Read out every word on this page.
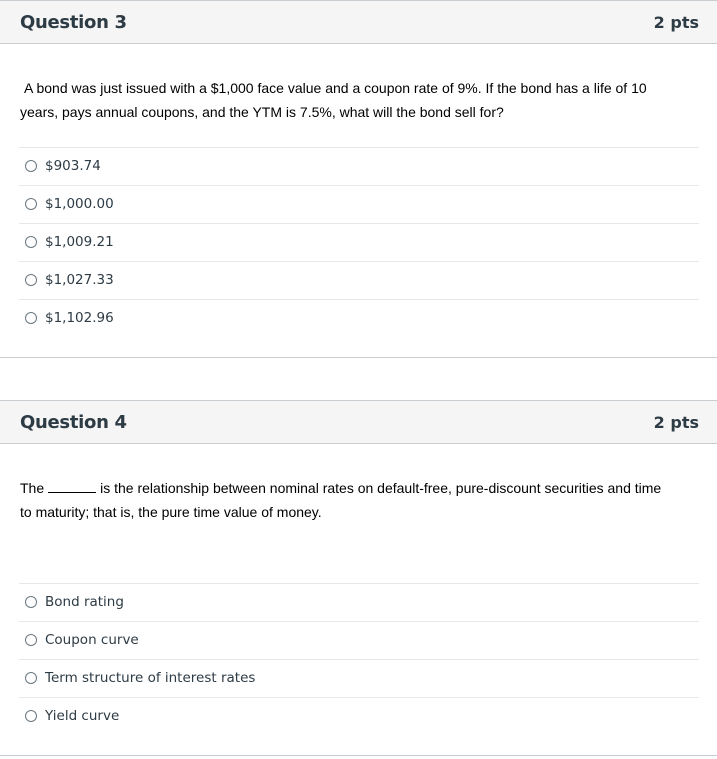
Question 3	2 pts
A bond was just issued with a $1,000 face value and a coupon rate of 9%. If the bond has a life of 10
years, pays annual coupons, and the YTM is 7.5%, what will the bond sell for?
$903.74
$1,000.00
$1,009.21
$1,027.33
$1,102.96
Question 4	2 pts
The	is the relationship between nominal rates on default-free, pure-discount securities and time
to maturity; that is, the pure time value of money.
Bond rating
Coupon curve
Term structure of interest rates
Yield curve
